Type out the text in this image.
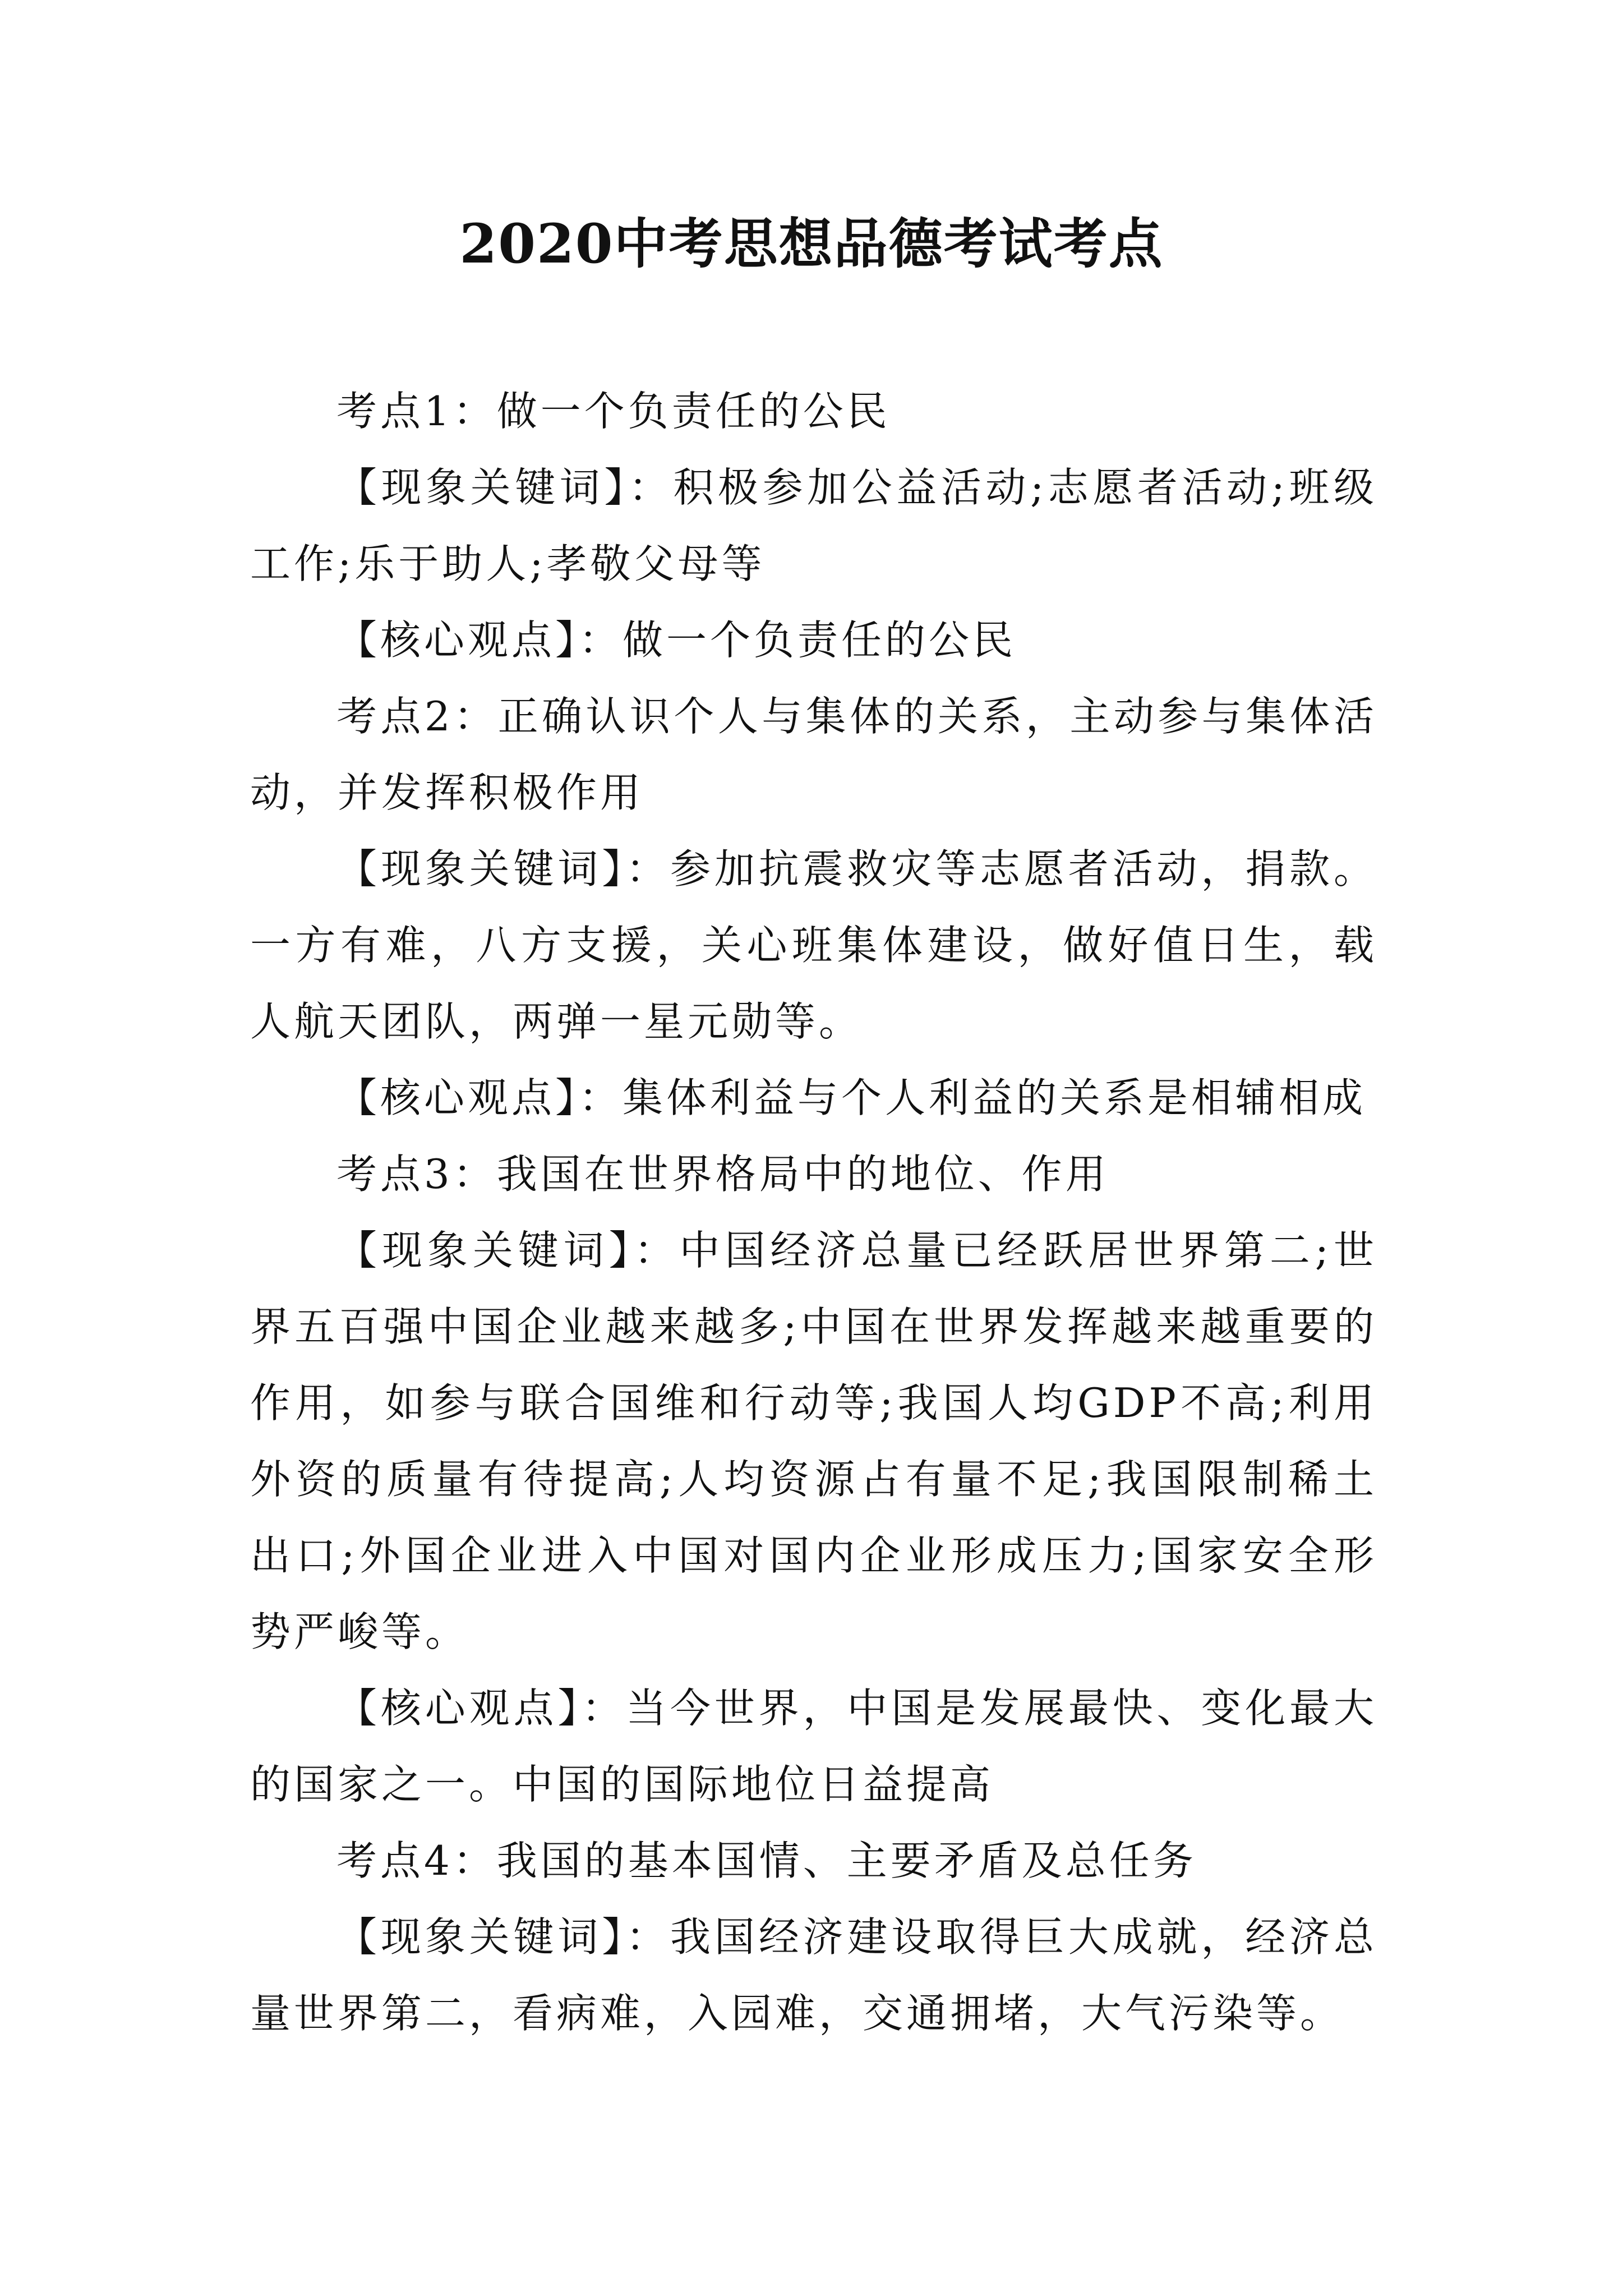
2020中考思想品德考试考点

考点1：做一个负责任的公民

【现象关键词】：积极参加公益活动;志愿者活动;班级工作;乐于助人;孝敬父母等

【核心观点】：做一个负责任的公民

考点2：正确认识个人与集体的关系，主动参与集体活动，并发挥积极作用

【现象关键词】：参加抗震救灾等志愿者活动，捐款。一方有难，八方支援，关心班集体建设，做好值日生，载人航天团队，两弹一星元勋等。

【核心观点】：集体利益与个人利益的关系是相辅相成

考点3：我国在世界格局中的地位、作用

【现象关键词】：中国经济总量已经跃居世界第二;世界五百强中国企业越来越多;中国在世界发挥越来越重要的作用，如参与联合国维和行动等;我国人均GDP不高;利用外资的质量有待提高;人均资源占有量不足;我国限制稀土出口;外国企业进入中国对国内企业形成压力;国家安全形势严峻等。

【核心观点】：当今世界，中国是发展最快、变化最大的国家之一。中国的国际地位日益提高

考点4：我国的基本国情、主要矛盾及总任务

【现象关键词】：我国经济建设取得巨大成就，经济总量世界第二，看病难，入园难，交通拥堵，大气污染等。
